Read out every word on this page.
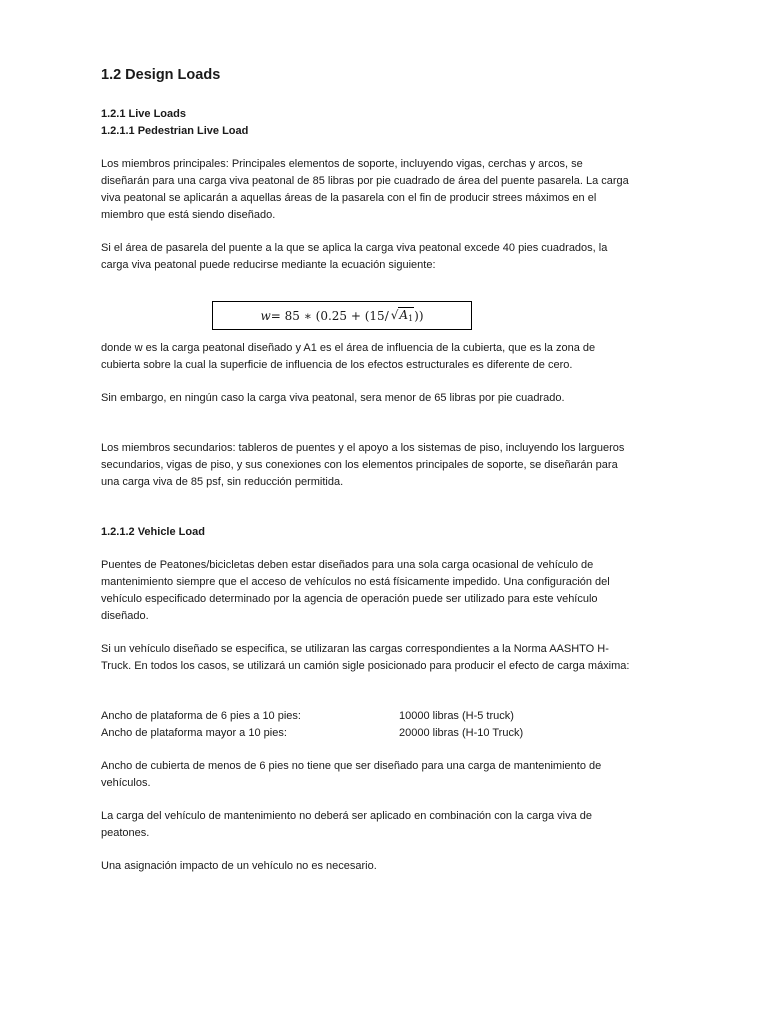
1.2 Design Loads

1.2.1 Live Loads

1.2.1.1 Pedestrian Live Load

Los miembros principales: Principales elementos de soporte, incluyendo vigas, cerchas y arcos, se diseñarán para una carga viva peatonal de 85 libras por pie cuadrado de área del puente pasarela. La carga viva peatonal se aplicarán a aquellas áreas de la pasarela con el fin de producir strees máximos en el miembro que está siendo diseñado.

Si el área de pasarela del puente a la que se aplica la carga viva peatonal excede 40 pies cuadrados, la carga viva peatonal puede reducirse mediante la ecuación siguiente:

w = 85 ∗ (0.25 + (15/ $√A_1$ ))

donde w es la carga peatonal diseñado y A1 es el área de influencia de la cubierta, que es la zona de cubierta sobre la cual la superficie de influencia de los efectos estructurales es diferente de cero.

Sin embargo, en ningún caso la carga viva peatonal, sera menor de 65 libras por pie cuadrado.

Los miembros secundarios: tableros de puentes y el apoyo a los sistemas de piso, incluyendo los largueros secundarios, vigas de piso, y sus conexiones con los elementos principales de soporte, se diseñarán para una carga viva de 85 psf, sin reducción permitida.

1.2.1.2 Vehicle Load

Puentes de Peatones/bicicletas deben estar diseñados para una sola carga ocasional de vehículo de mantenimiento siempre que el acceso de vehículos no está físicamente impedido. Una configuración del vehículo especificado determinado por la agencia de operación puede ser utilizado para este vehículo diseñado.

Si un vehículo diseñado se especifica, se utilizaran las cargas correspondientes a la Norma AASHTO H-Truck. En todos los casos, se utilizará un camión sigle posicionado para producir el efecto de carga máxima:

Ancho de plataforma de 6 pies a 10 pies:	10000 libras (H-5 truck)
Ancho de plataforma mayor a 10 pies:	20000 libras (H-10 Truck)

Ancho de cubierta de menos de 6 pies no tiene que ser diseñado para una carga de mantenimiento de vehículos.

La carga del vehículo de mantenimiento no deberá ser aplicado en combinación con la carga viva de peatones.

Una asignación impacto de un vehículo no es necesario.
